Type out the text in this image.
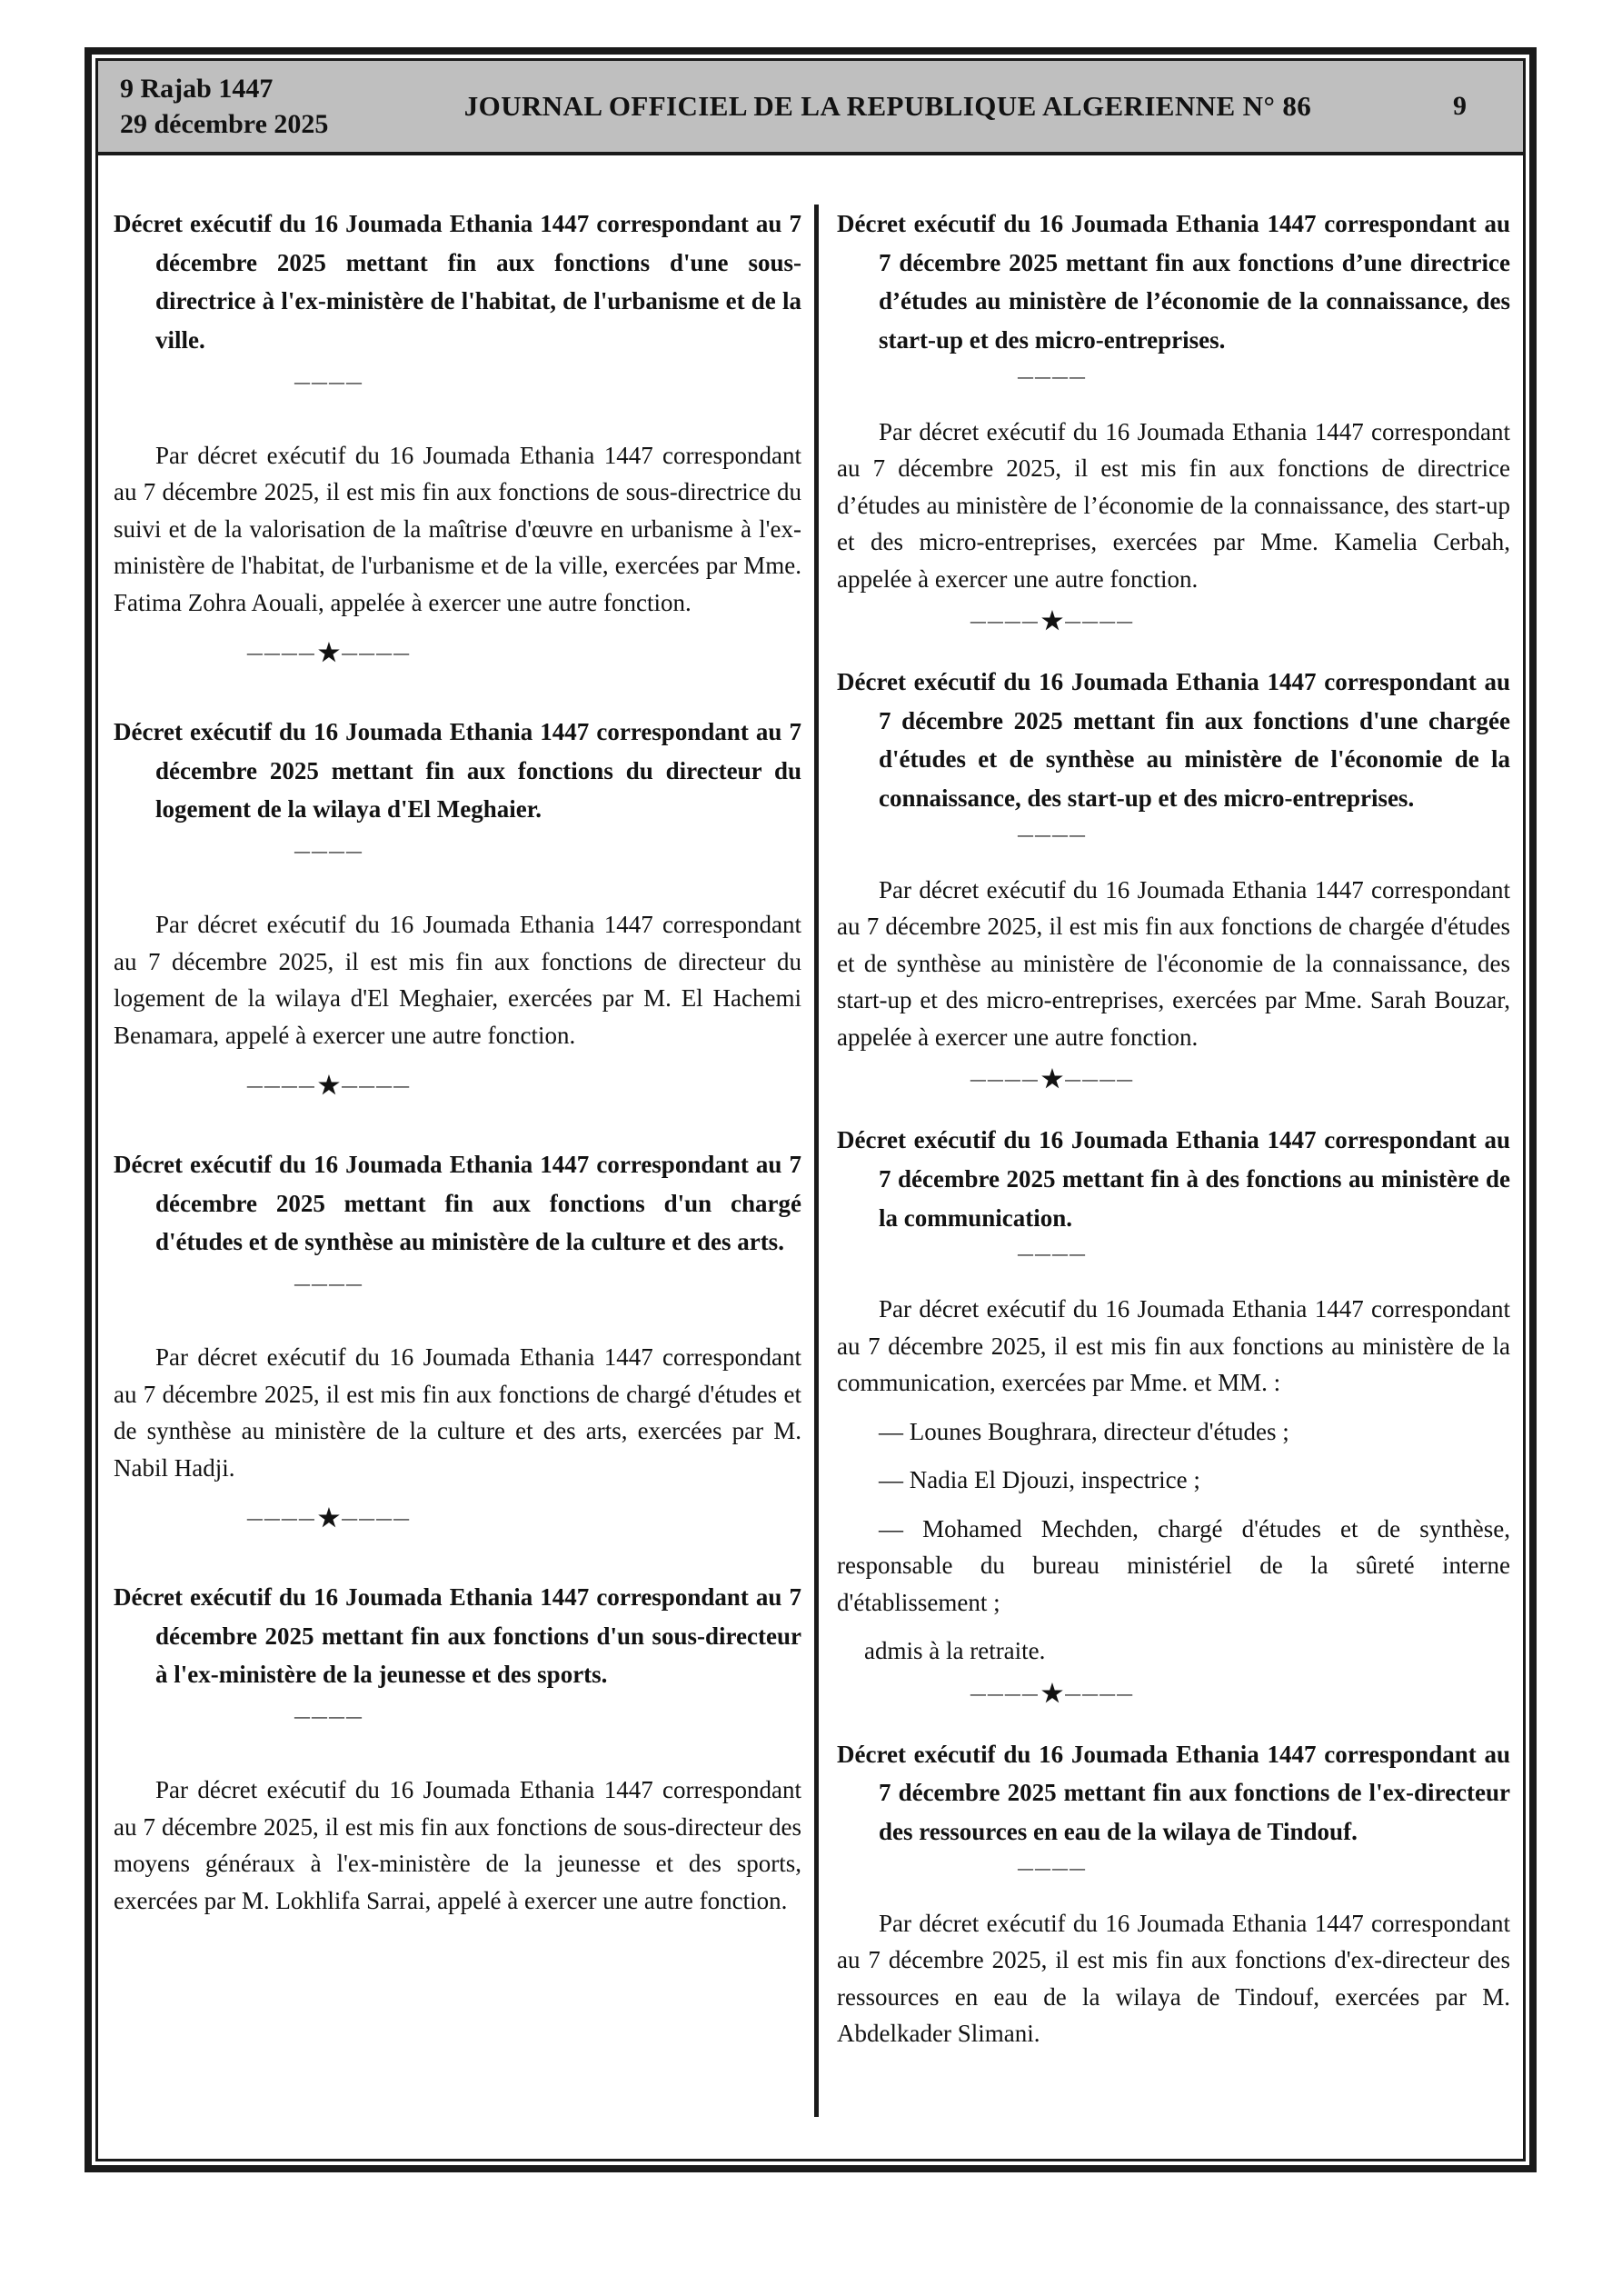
9 Rajab 1447
29 décembre 2025
JOURNAL OFFICIEL DE LA REPUBLIQUE ALGERIENNE N° 86	9

Décret exécutif du 16 Joumada Ethania 1447 correspondant au 7 décembre 2025 mettant fin aux fonctions d'une sous-directrice à l'ex-ministère de l'habitat, de l'urbanisme et de la ville.

————

Par décret exécutif du 16 Joumada Ethania 1447 correspondant au 7 décembre 2025, il est mis fin aux fonctions de sous-directrice du suivi et de la valorisation de la maîtrise d'œuvre en urbanisme à l'ex-ministère de l'habitat, de l'urbanisme et de la ville, exercées par Mme. Fatima Zohra Aouali, appelée à exercer une autre fonction.

———— ★ ————

Décret exécutif du 16 Joumada Ethania 1447 correspondant au 7 décembre 2025 mettant fin aux fonctions du directeur du logement de la wilaya d'El Meghaier.

————

Par décret exécutif du 16 Joumada Ethania 1447 correspondant au 7 décembre 2025, il est mis fin aux fonctions de directeur du logement de la wilaya d'El Meghaier, exercées par M. El Hachemi Benamara, appelé à exercer une autre fonction.

———— ★ ————

Décret exécutif du 16 Joumada Ethania 1447 correspondant au 7 décembre 2025 mettant fin aux fonctions d'un chargé d'études et de synthèse au ministère de la culture et des arts.

————

Par décret exécutif du 16 Joumada Ethania 1447 correspondant au 7 décembre 2025, il est mis fin aux fonctions de chargé d'études et de synthèse au ministère de la culture et des arts, exercées par M. Nabil Hadji.

———— ★ ————

Décret exécutif du 16 Joumada Ethania 1447 correspondant au 7 décembre 2025 mettant fin aux fonctions d'un sous-directeur à l'ex-ministère de la jeunesse et des sports.

————

Par décret exécutif du 16 Joumada Ethania 1447 correspondant au 7 décembre 2025, il est mis fin aux fonctions de sous-directeur des moyens généraux à l'ex-ministère de la jeunesse et des sports, exercées par M. Lokhlifa Sarrai, appelé à exercer une autre fonction.

Décret exécutif du 16 Joumada Ethania 1447 correspondant au 7 décembre 2025 mettant fin aux fonctions d’une directrice d’études au ministère de l’économie de la connaissance, des start-up et des micro-entreprises.

————

Par décret exécutif du 16 Joumada Ethania 1447 correspondant au 7 décembre 2025, il est mis fin aux fonctions de directrice d’études au ministère de l’économie de la connaissance, des start-up et des micro-entreprises, exercées par Mme. Kamelia Cerbah, appelée à exercer une autre fonction.

———— ★ ————

Décret exécutif du 16 Joumada Ethania 1447 correspondant au 7 décembre 2025 mettant fin aux fonctions d'une chargée d'études et de synthèse au ministère de l'économie de la connaissance, des start-up et des micro-entreprises.

————

Par décret exécutif du 16 Joumada Ethania 1447 correspondant au 7 décembre 2025, il est mis fin aux fonctions de chargée d'études et de synthèse au ministère de l'économie de la connaissance, des start-up et des micro-entreprises, exercées par Mme. Sarah Bouzar, appelée à exercer une autre fonction.

———— ★ ————

Décret exécutif du 16 Joumada Ethania 1447 correspondant au 7 décembre 2025 mettant fin à des fonctions au ministère de la communication.

————

Par décret exécutif du 16 Joumada Ethania 1447 correspondant au 7 décembre 2025, il est mis fin aux fonctions au ministère de la communication, exercées par Mme. et MM. :

— Lounes Boughrara, directeur d'études ;

— Nadia El Djouzi, inspectrice ;

— Mohamed Mechden, chargé d'études et de synthèse, responsable du bureau ministériel de la sûreté interne d'établissement ;

admis à la retraite.

———— ★ ————

Décret exécutif du 16 Joumada Ethania 1447 correspondant au 7 décembre 2025 mettant fin aux fonctions de l'ex-directeur des ressources en eau de la wilaya de Tindouf.

————

Par décret exécutif du 16 Joumada Ethania 1447 correspondant au 7 décembre 2025, il est mis fin aux fonctions d'ex-directeur des ressources en eau de la wilaya de Tindouf, exercées par M. Abdelkader Slimani.
